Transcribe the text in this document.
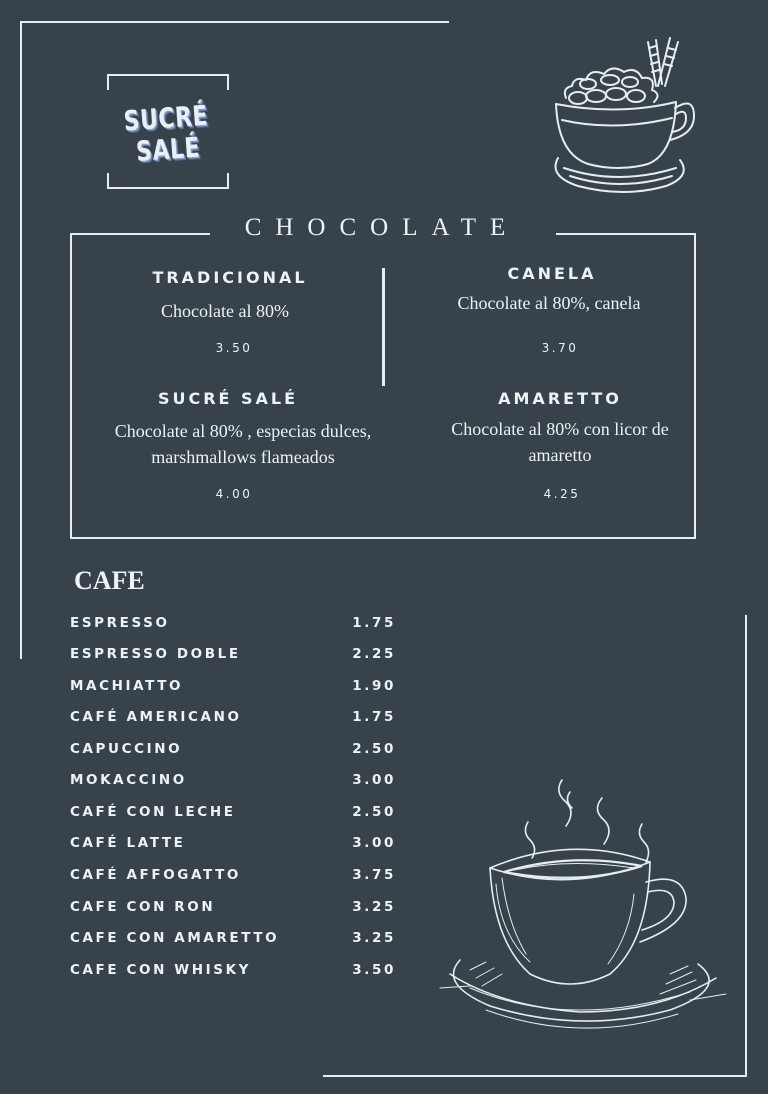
SUCRÉ SALÉ
CHOCOLATE
TRADICIONAL
Chocolate al 80%
3.50
CANELA
Chocolate al 80%, canela
3.70
SUCRÉ SALÉ
Chocolate al 80% , especias dulces, marshmallows flameados
4.00
AMARETTO
Chocolate al 80% con licor de amaretto
4.25
CAFE
ESPRESSO	1.75
ESPRESSO DOBLE	2.25
MACHIATTO	1.90
CAFÉ AMERICANO	1.75
CAPUCCINO	2.50
MOKACCINO	3.00
CAFÉ CON LECHE	2.50
CAFÉ LATTE	3.00
CAFÉ AFFOGATTO	3.75
CAFE CON RON	3.25
CAFE CON AMARETTO	3.25
CAFE CON WHISKY	3.50
